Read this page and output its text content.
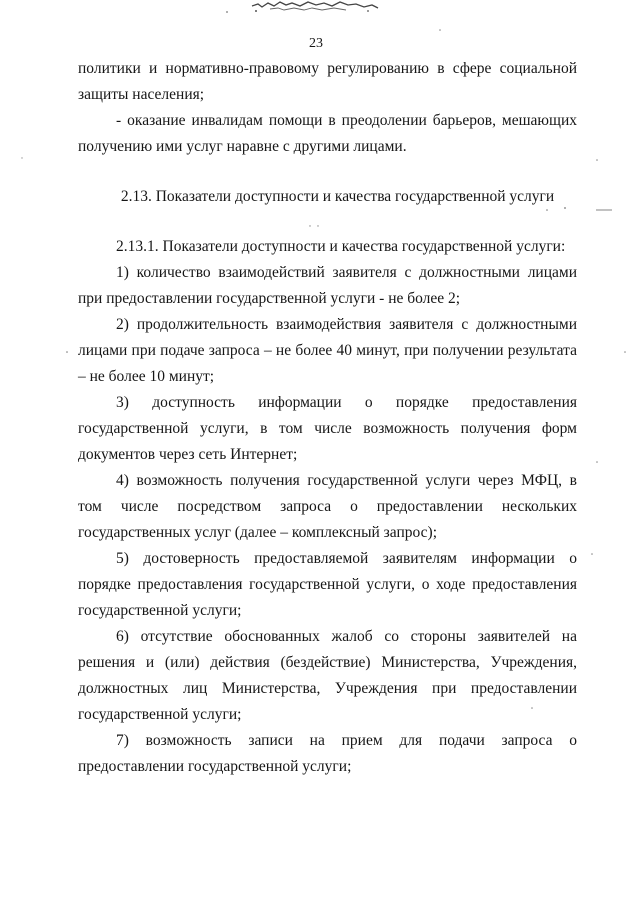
23

политики и нормативно-правовому регулированию в сфере социальной защиты населения;

- оказание инвалидам помощи в преодолении барьеров, мешающих получению ими услуг наравне с другими лицами.

2.13. Показатели доступности и качества государственной услуги

2.13.1. Показатели доступности и качества государственной услуги:

1) количество взаимодействий заявителя с должностными лицами при предоставлении государственной услуги - не более 2;

2) продолжительность взаимодействия заявителя с должностными лицами при подаче запроса – не более 40 минут, при получении результата – не более 10 минут;

3) доступность информации о порядке предоставления государственной услуги, в том числе возможность получения форм документов через сеть Интернет;

4) возможность получения государственной услуги через МФЦ, в том числе посредством запроса о предоставлении нескольких государственных услуг (далее – комплексный запрос);

5) достоверность предоставляемой заявителям информации о порядке предоставления государственной услуги, о ходе предоставления государственной услуги;

6) отсутствие обоснованных жалоб со стороны заявителей на решения и (или) действия (бездействие) Министерства, Учреждения, должностных лиц Министерства, Учреждения при предоставлении государственной услуги;

7) возможность записи на прием для подачи запроса о предоставлении государственной услуги;
